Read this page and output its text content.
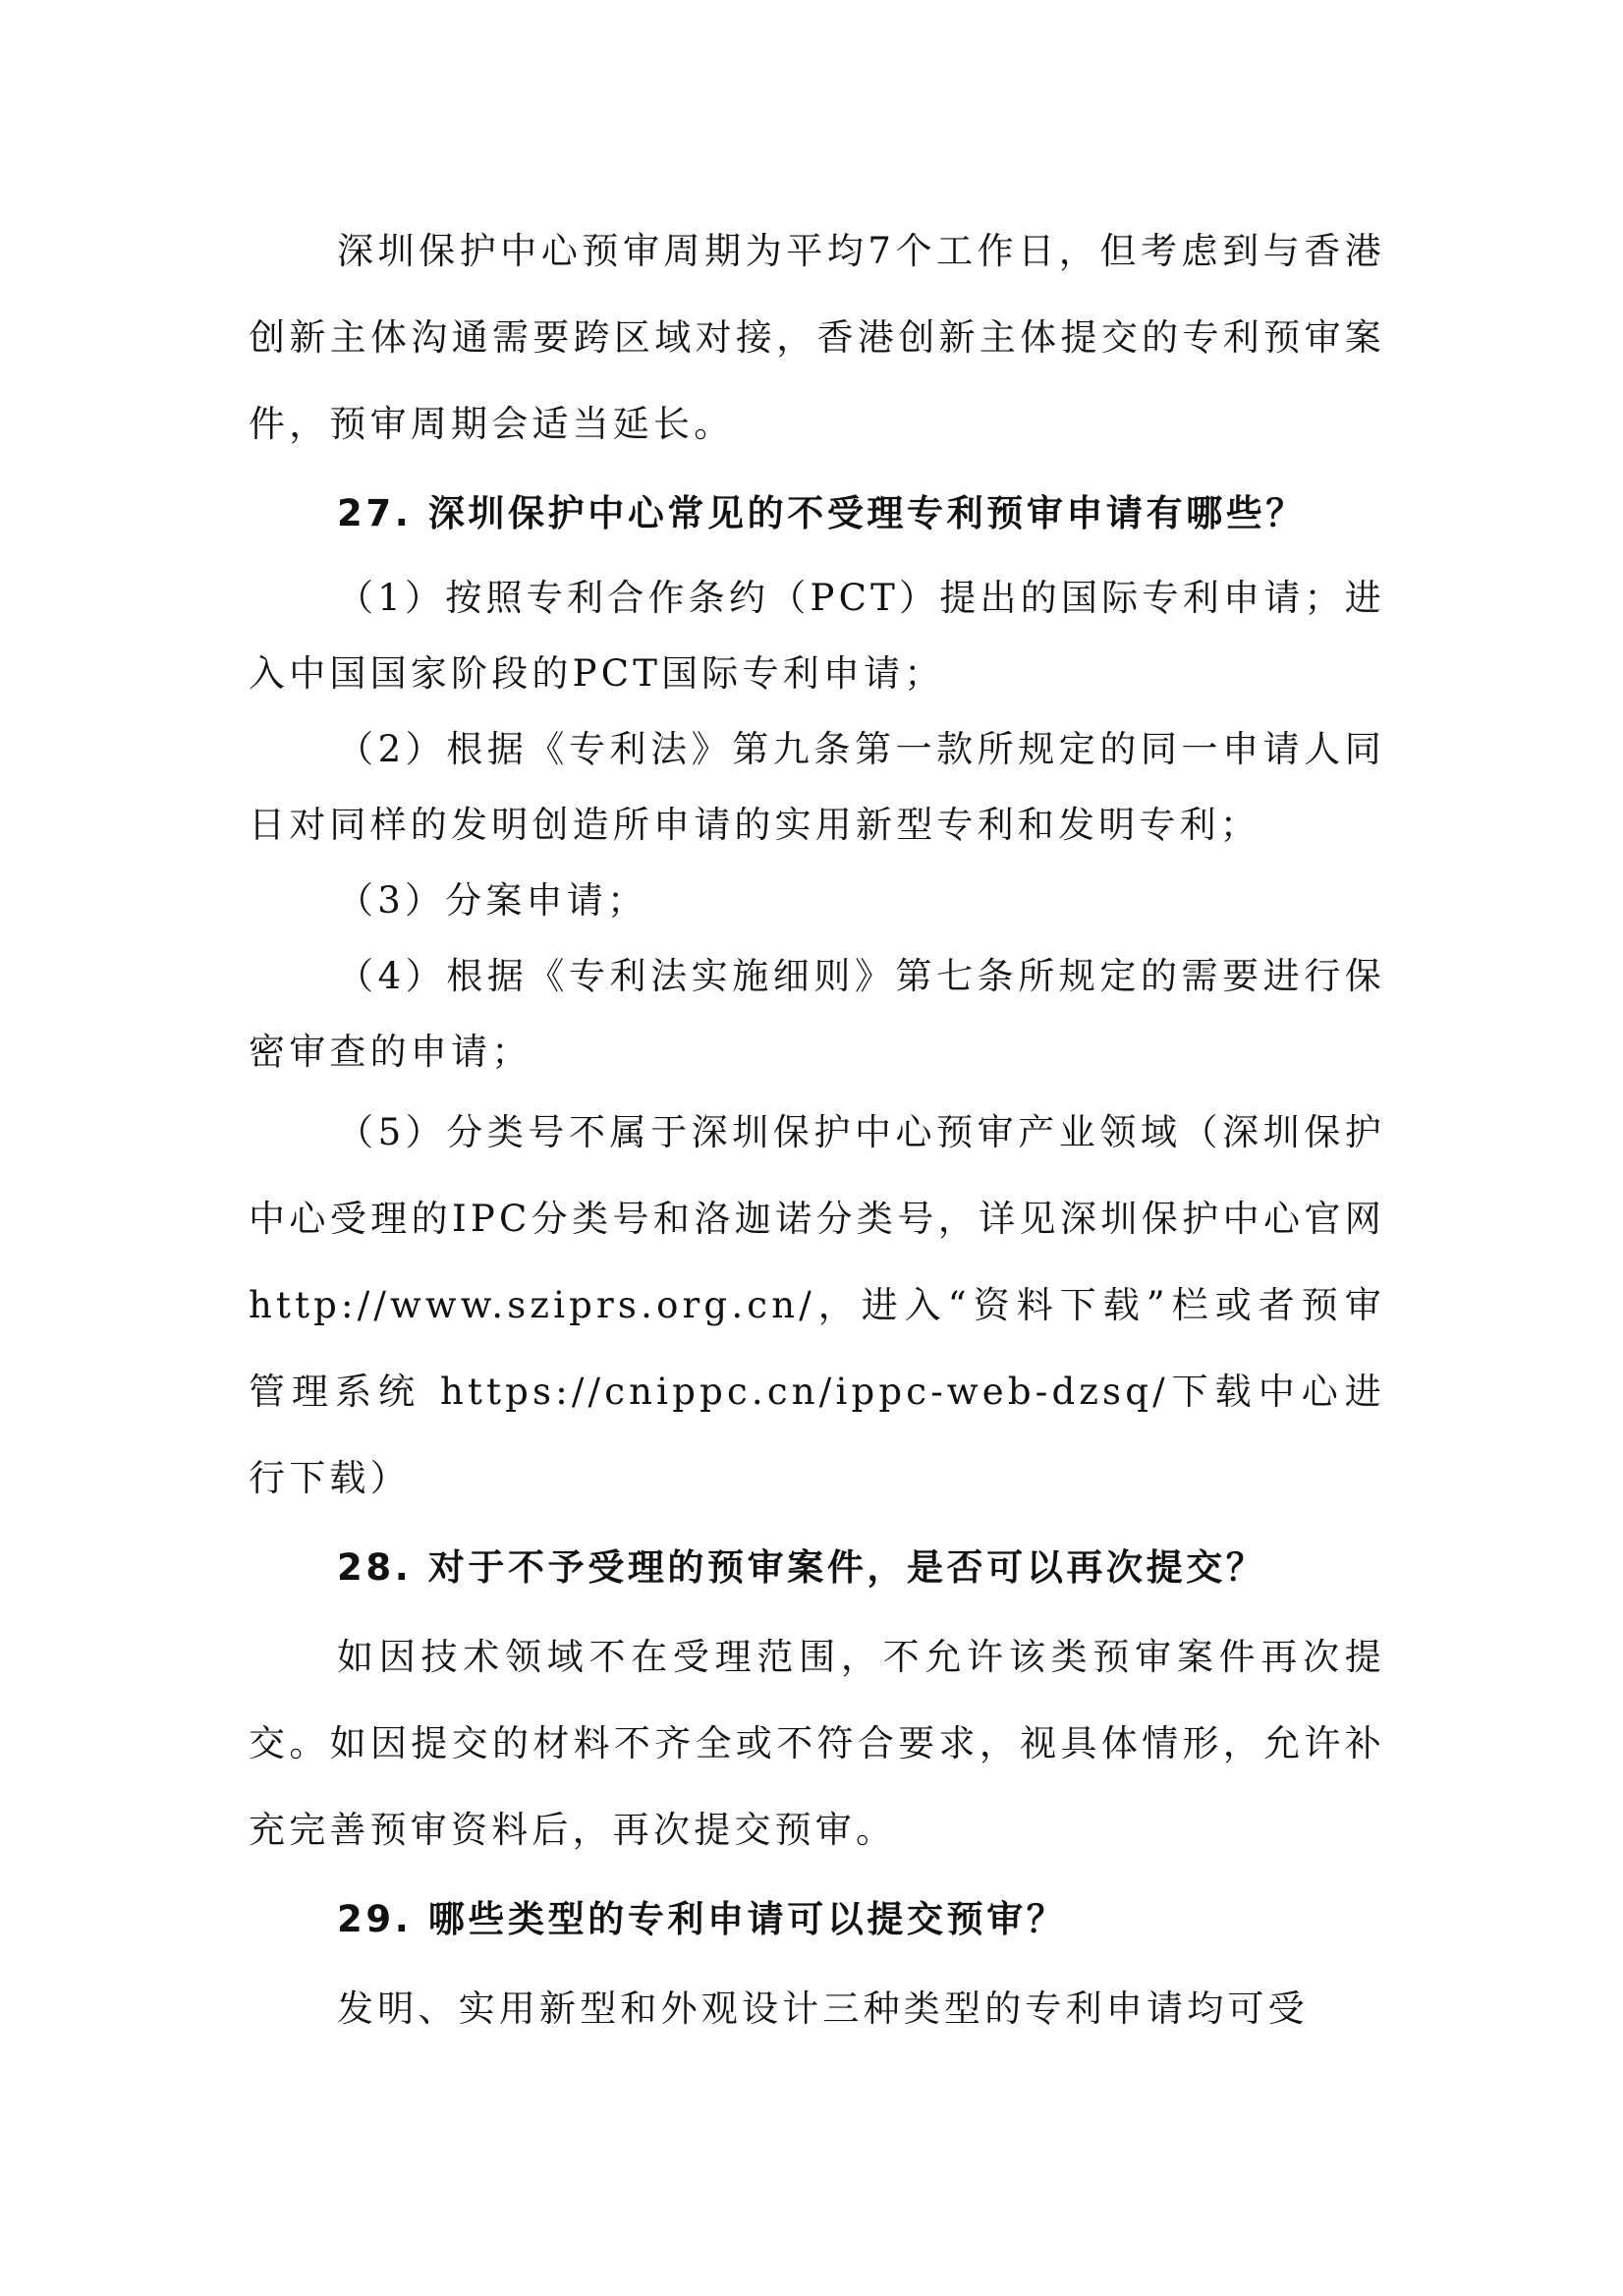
深圳保护中心预审周期为平均7个工作日，但考虑到与香港创新主体沟通需要跨区域对接，香港创新主体提交的专利预审案件，预审周期会适当延长。

27. 深圳保护中心常见的不受理专利预审申请有哪些？

（1）按照专利合作条约（PCT）提出的国际专利申请；进入中国国家阶段的PCT国际专利申请；

（2）根据《专利法》第九条第一款所规定的同一申请人同日对同样的发明创造所申请的实用新型专利和发明专利；

（3）分案申请；

（4）根据《专利法实施细则》第七条所规定的需要进行保密审查的申请；

（5）分类号不属于深圳保护中心预审产业领域（深圳保护中心受理的IPC分类号和洛迦诺分类号，详见深圳保护中心官网http://www.sziprs.org.cn/，进入“资料下载”栏或者预审管理系统 https://cnippc.cn/ippc-web-dzsq/下载中心进行下载）

28. 对于不予受理的预审案件，是否可以再次提交？

如因技术领域不在受理范围，不允许该类预审案件再次提交。如因提交的材料不齐全或不符合要求，视具体情形，允许补充完善预审资料后，再次提交预审。

29. 哪些类型的专利申请可以提交预审？

发明、实用新型和外观设计三种类型的专利申请均可受
